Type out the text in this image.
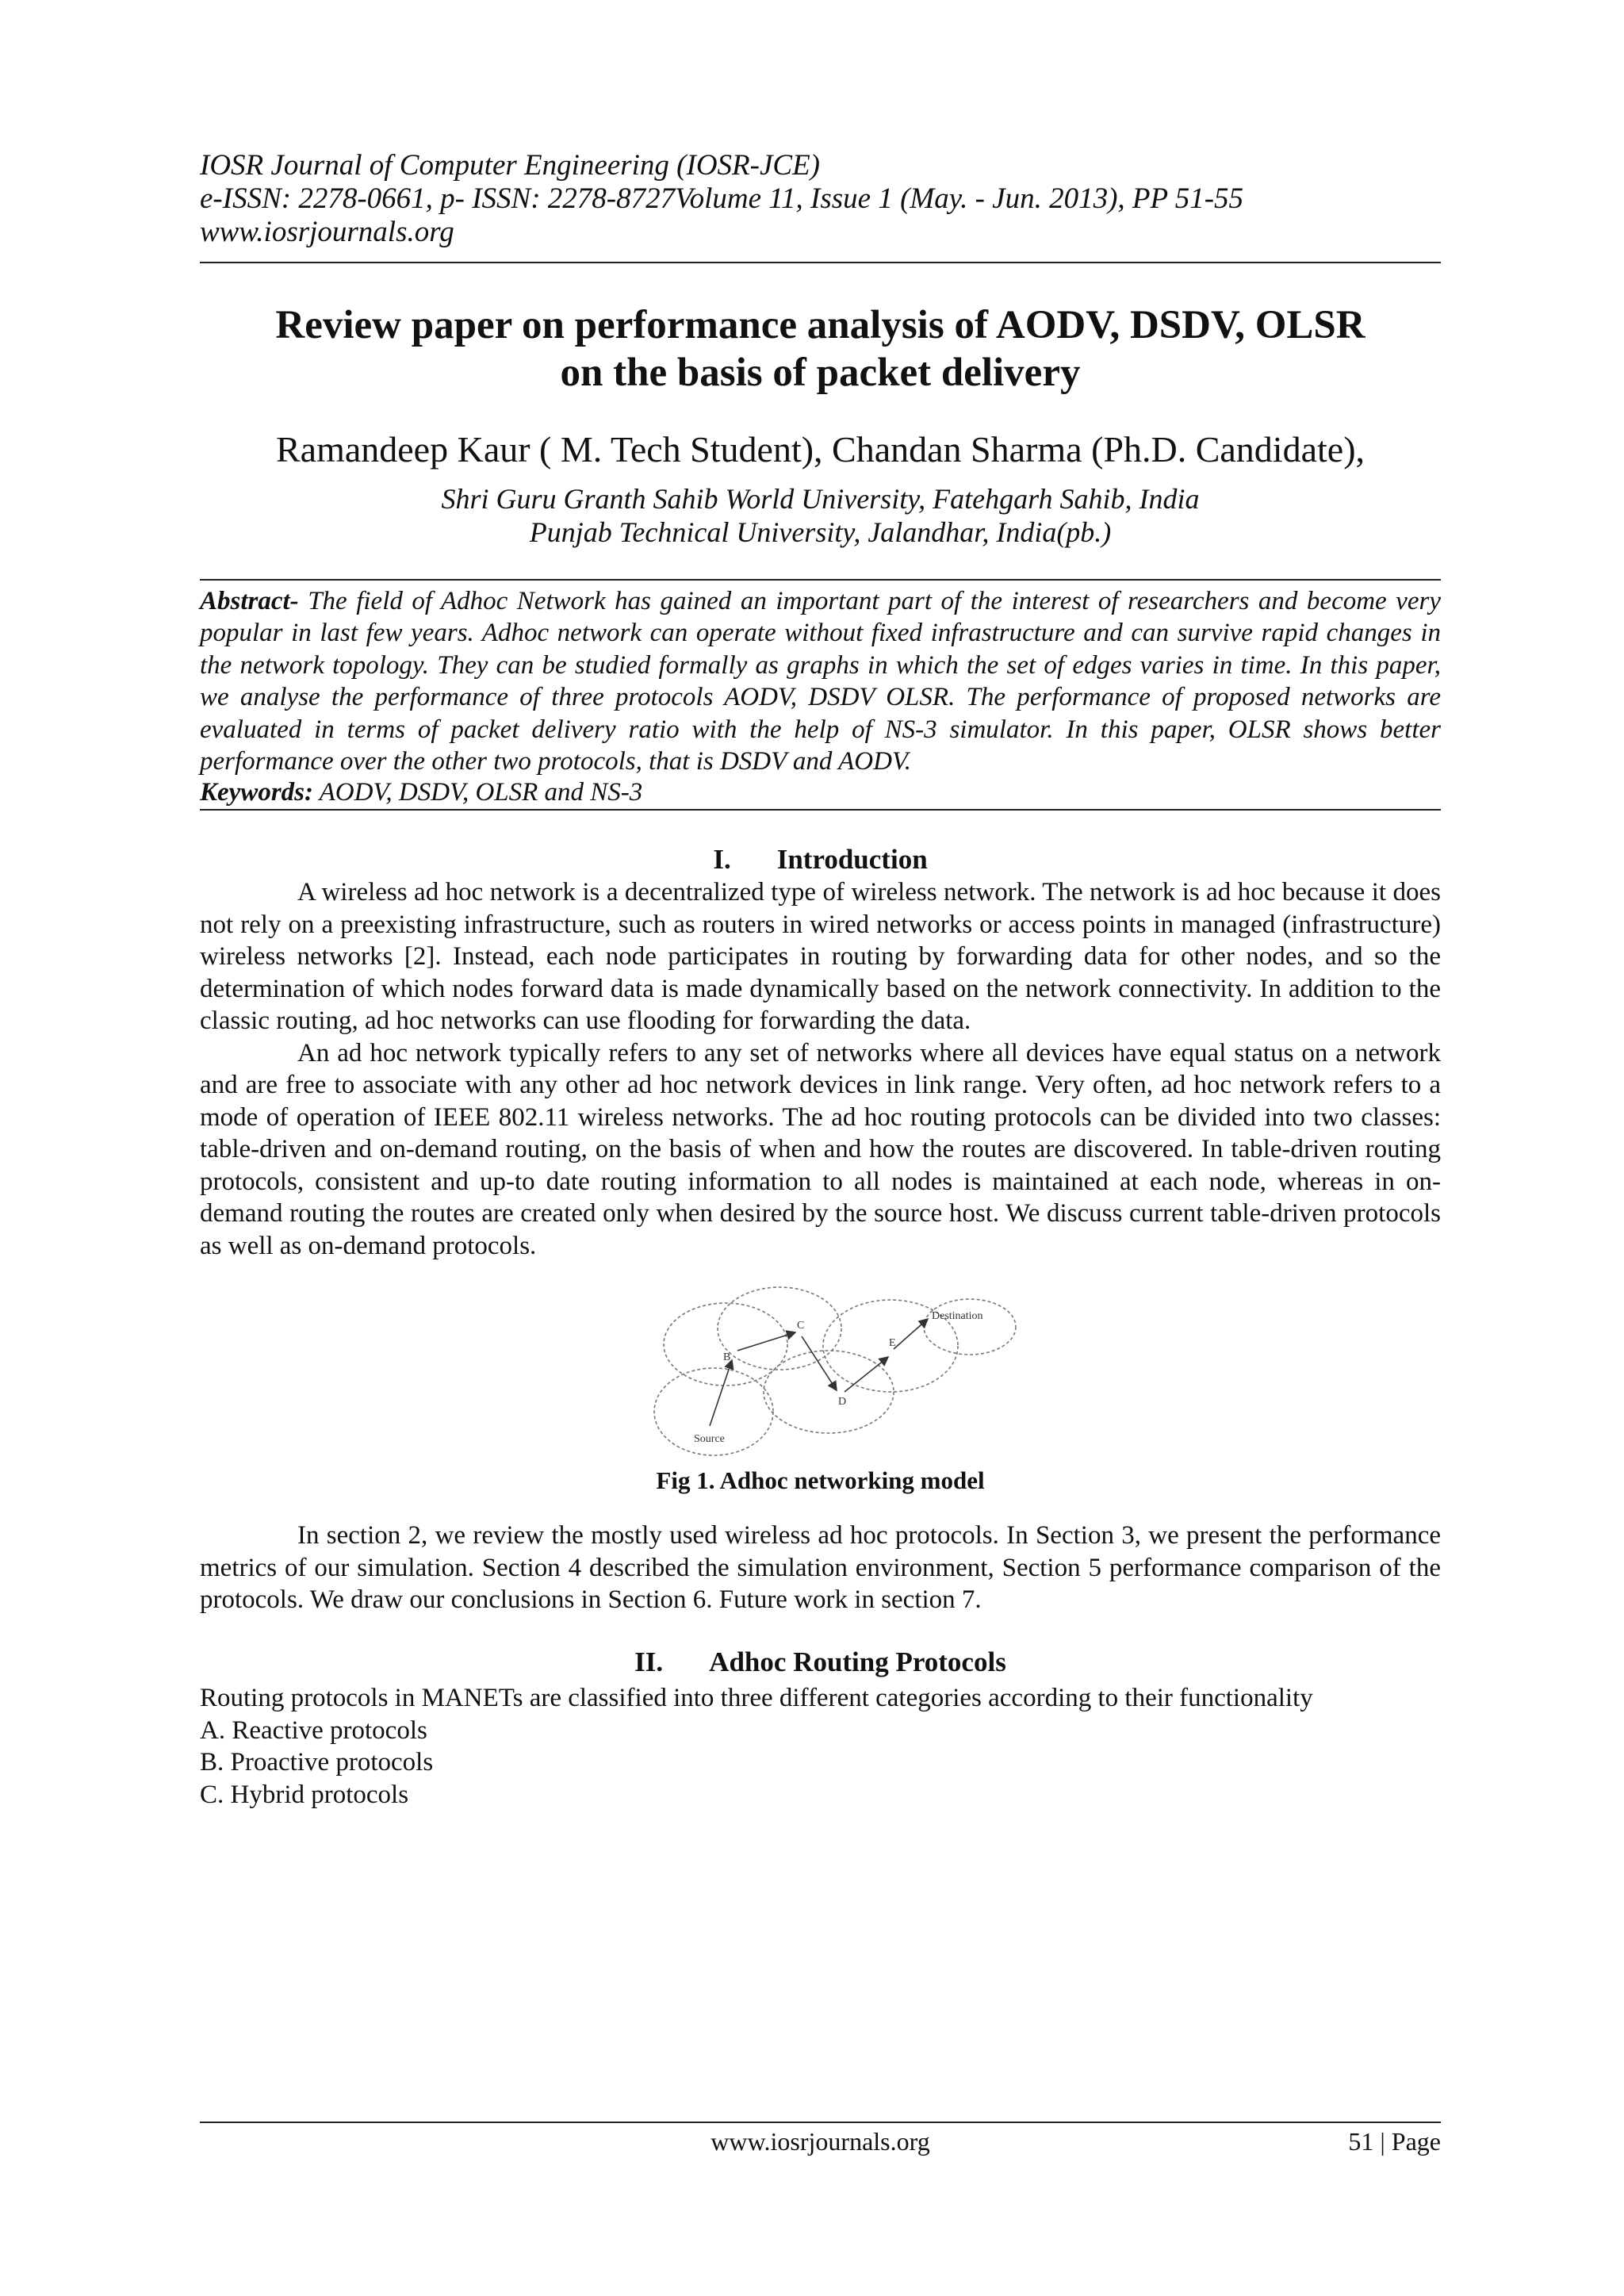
IOSR Journal of Computer Engineering (IOSR-JCE)
e-ISSN: 2278-0661, p- ISSN: 2278-8727Volume 11, Issue 1 (May. - Jun. 2013), PP 51-55
www.iosrjournals.org
Review paper on performance analysis of AODV, DSDV, OLSR
on the basis of packet delivery
Ramandeep Kaur ( M. Tech Student), Chandan Sharma (Ph.D. Candidate),
Shri Guru Granth Sahib World University, Fatehgarh Sahib, India
Punjab Technical University, Jalandhar, India(pb.)
Abstract- The field of Adhoc Network has gained an important part of the interest of researchers and become very popular in last few years. Adhoc network can operate without fixed infrastructure and can survive rapid changes in the network topology. They can be studied formally as graphs in which the set of edges varies in time. In this paper, we analyse the performance of three protocols AODV, DSDV OLSR. The performance of proposed networks are evaluated in terms of packet delivery ratio with the help of NS-3 simulator. In this paper, OLSR shows better performance over the other two protocols, that is DSDV and AODV.
Keywords: AODV, DSDV, OLSR and NS-3
I. Introduction

A wireless ad hoc network is a decentralized type of wireless network. The network is ad hoc because it does not rely on a preexisting infrastructure, such as routers in wired networks or access points in managed (infrastructure) wireless networks [2]. Instead, each node participates in routing by forwarding data for other nodes, and so the determination of which nodes forward data is made dynamically based on the network connectivity. In addition to the classic routing, ad hoc networks can use flooding for forwarding the data.

An ad hoc network typically refers to any set of networks where all devices have equal status on a network and are free to associate with any other ad hoc network devices in link range. Very often, ad hoc network refers to a mode of operation of IEEE 802.11 wireless networks. The ad hoc routing protocols can be divided into two classes: table-driven and on-demand routing, on the basis of when and how the routes are discovered. In table-driven routing protocols, consistent and up-to date routing information to all nodes is maintained at each node, whereas in on-demand routing the routes are created only when desired by the source host. We discuss current table-driven protocols as well as on-demand protocols.

Source
B
C
D
E
Destination
Fig 1. Adhoc networking model

In section 2, we review the mostly used wireless ad hoc protocols. In Section 3, we present the performance metrics of our simulation. Section 4 described the simulation environment, Section 5 performance comparison of the protocols. We draw our conclusions in Section 6. Future work in section 7.

II. Adhoc Routing Protocols
Routing protocols in MANETs are classified into three different categories according to their functionality
A. Reactive protocols
B. Proactive protocols
C. Hybrid protocols
www.iosrjournals.org	51 | Page
